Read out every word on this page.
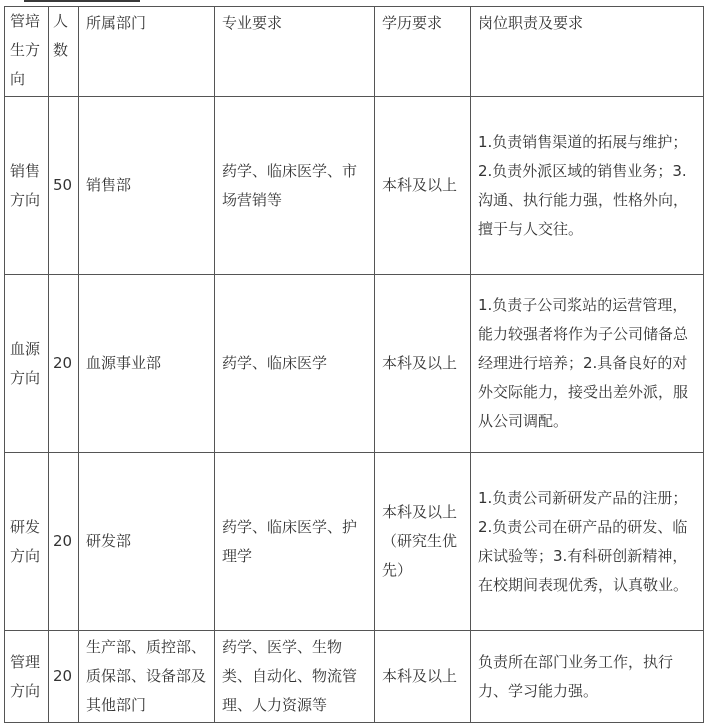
管培生方向	人数	所属部门	专业要求	学历要求	岗位职责及要求
销售方向	50	销售部	药学、临床医学、市场营销等	本科及以上	1.负责销售渠道的拓展与维护；2.负责外派区域的销售业务；3.沟通、执行能力强，性格外向，擅于与人交往。
血源方向	20	血源事业部	药学、临床医学	本科及以上	1.负责子公司浆站的运营管理，能力较强者将作为子公司储备总经理进行培养；2.具备良好的对外交际能力，接受出差外派，服从公司调配。
研发方向	20	研发部	药学、临床医学、护理学	本科及以上（研究生优先）	1.负责公司新研发产品的注册；2.负责公司在研产品的研发、临床试验等；3.有科研创新精神，在校期间表现优秀，认真敬业。
管理方向	20	生产部、质控部、质保部、设备部及其他部门	药学、医学、生物类、自动化、物流管理、人力资源等	本科及以上	负责所在部门业务工作，执行力、学习能力强。
